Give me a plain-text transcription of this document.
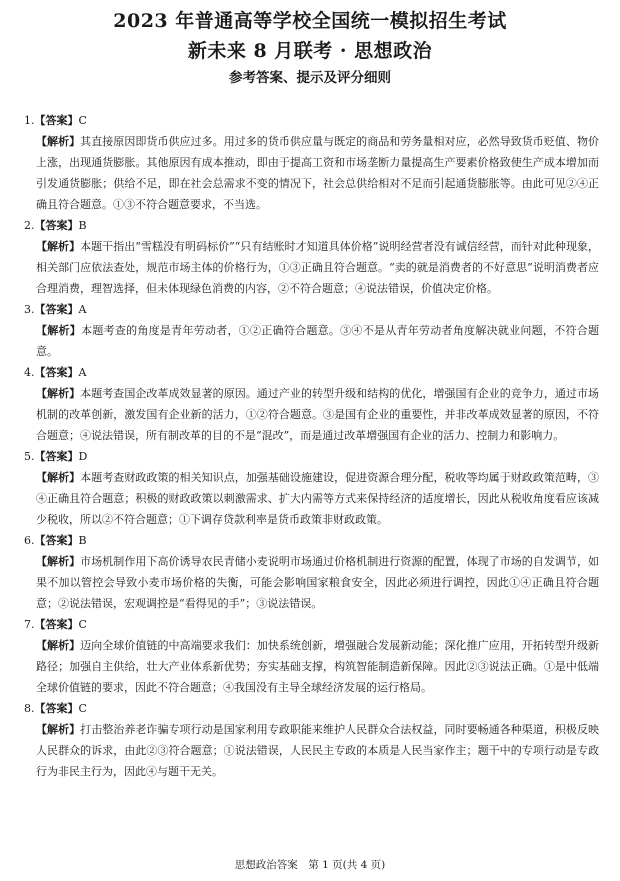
2023 年普通高等学校全国统一模拟招生考试
新未来 8 月联考 · 思想政治
参考答案、提示及评分细则
1.【答案】C
【解析】其直接原因即货币供应过多。用过多的货币供应量与既定的商品和劳务量相对应，必然导致货币贬值、物价上涨，出现通货膨胀。其他原因有成本推动，即由于提高工资和市场垄断力量提高生产要素价格致使生产成本增加而引发通货膨胀；供给不足，即在社会总需求不变的情况下，社会总供给相对不足而引起通货膨胀等。由此可见②④正确且符合题意。①③不符合题意要求，不当选。
2.【答案】B
【解析】本题干指出“雪糕没有明码标价”“只有结账时才知道具体价格”说明经营者没有诚信经营，而针对此种现象，相关部门应依法查处，规范市场主体的价格行为，①③正确且符合题意。“卖的就是消费者的不好意思”说明消费者应合理消费，理智选择，但未体现绿色消费的内容，②不符合题意；④说法错误，价值决定价格。
3.【答案】A
【解析】本题考查的角度是青年劳动者，①②正确符合题意。③④不是从青年劳动者角度解决就业问题，不符合题意。
4.【答案】A
【解析】本题考查国企改革成效显著的原因。通过产业的转型升级和结构的优化，增强国有企业的竞争力，通过市场机制的改革创新，激发国有企业新的活力，①②符合题意。③是国有企业的重要性，并非改革成效显著的原因，不符合题意；④说法错误，所有制改革的目的不是“混改”，而是通过改革增强国有企业的活力、控制力和影响力。
5.【答案】D
【解析】本题考查财政政策的相关知识点，加强基础设施建设，促进资源合理分配，税收等均属于财政政策范畴，③④正确且符合题意；积极的财政政策以刺激需求、扩大内需等方式来保持经济的适度增长，因此从税收角度看应该减少税收，所以②不符合题意；①下调存贷款利率是货币政策非财政政策。
6.【答案】B
【解析】市场机制作用下高价诱导农民青储小麦说明市场通过价格机制进行资源的配置，体现了市场的自发调节，如果不加以管控会导致小麦市场价格的失衡，可能会影响国家粮食安全，因此必须进行调控，因此①④正确且符合题意；②说法错误，宏观调控是“看得见的手”；③说法错误。
7.【答案】C
【解析】迈向全球价值链的中高端要求我们：加快系统创新，增强融合发展新动能；深化推广应用，开拓转型升级新路径；加强自主供给，壮大产业体系新优势；夯实基础支撑，构筑智能制造新保障。因此②③说法正确。①是中低端全球价值链的要求，因此不符合题意；④我国没有主导全球经济发展的运行格局。
8.【答案】C
【解析】打击整治养老诈骗专项行动是国家利用专政职能来维护人民群众合法权益，同时要畅通各种渠道，积极反映人民群众的诉求，由此②③符合题意；①说法错误，人民民主专政的本质是人民当家作主；题干中的专项行动是专政行为非民主行为，因此④与题干无关。
思想政治答案　第 1 页(共 4 页)
